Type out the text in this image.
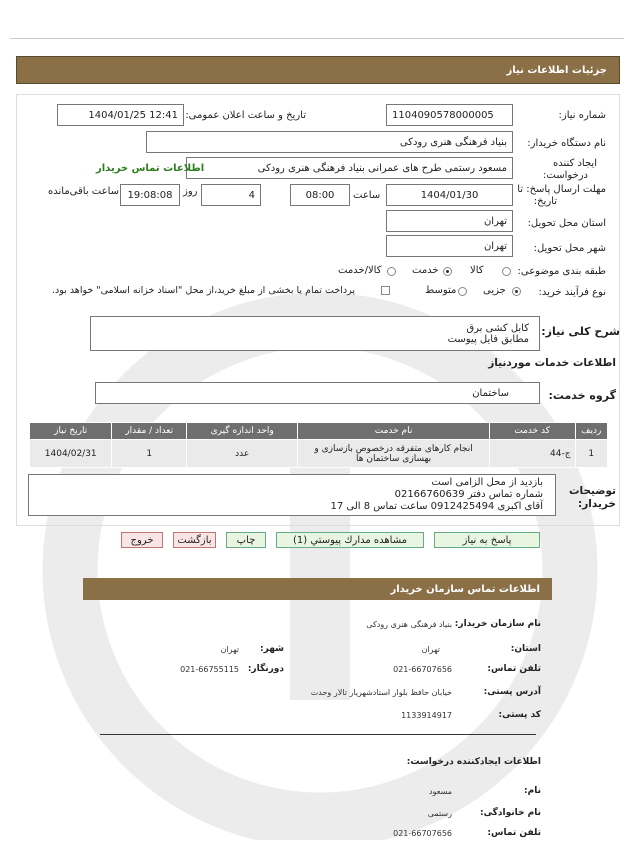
جزئیات اطلاعات نیاز
شماره نیاز:
1104090578000005
تاریخ و ساعت اعلان عمومی:
1404/01/25 12:41
نام دستگاه خریدار:
بنیاد فرهنگی هنری رودکی
ایجاد کننده
درخواست:
مسعود رستمی طرح های عمرانی بنیاد فرهنگی هنری رودکی
اطلاعات تماس خریدار
مهلت ارسال پاسخ: تا
تاریخ:
1404/01/30
ساعت
08:00
4
روز
19:08:08
ساعت باقی‌مانده
استان محل تحویل:
تهران
شهر محل تحویل:
تهران
طبقه بندی موضوعی:
کالا
خدمت
کالا/خدمت
نوع فرآیند خرید:
جزیی
متوسط
پرداخت تمام یا بخشی از مبلغ خرید،از محل "اسناد خزانه اسلامی" خواهد بود.
شرح کلی نیاز:
کابل کشی برق
مطابق فایل پیوست
اطلاعات خدمات موردنیاز
گروه خدمت:
ساختمان
ردیف	کد خدمت	نام خدمت	واحد اندازه گیری	تعداد / مقدار	تاریخ نیاز
1	ج-44	انجام کارهای متفرقه درخصوص بازسازی و بهسازی ساختمان ها	عدد	1	1404/02/31
توضیحات
خریدار:
بازدید از محل الزامی است
شماره تماس دفتر 02166760639
آقای اکبری 0912425494 ساعت تماس 8 الی 17
پاسخ به نیاز
مشاهده مدارك پیوستي (1)
چاپ
بازگشت
خروج
اطلاعات تماس سازمان خریدار
نام سازمان خریدار:
بنیاد فرهنگی هنری رودکی
استان:
تهران
شهر:
تهران
تلفن تماس:
021-66707656
دورنگار:
021-66755115
آدرس پستی:
خیابان حافظ بلوار استادشهریار تالار وحدت
کد پستی:
1133914917
اطلاعات ایجادکننده درخواست:
نام:
مسعود
نام خانوادگی:
رستمی
تلفن تماس:
021-66707656
